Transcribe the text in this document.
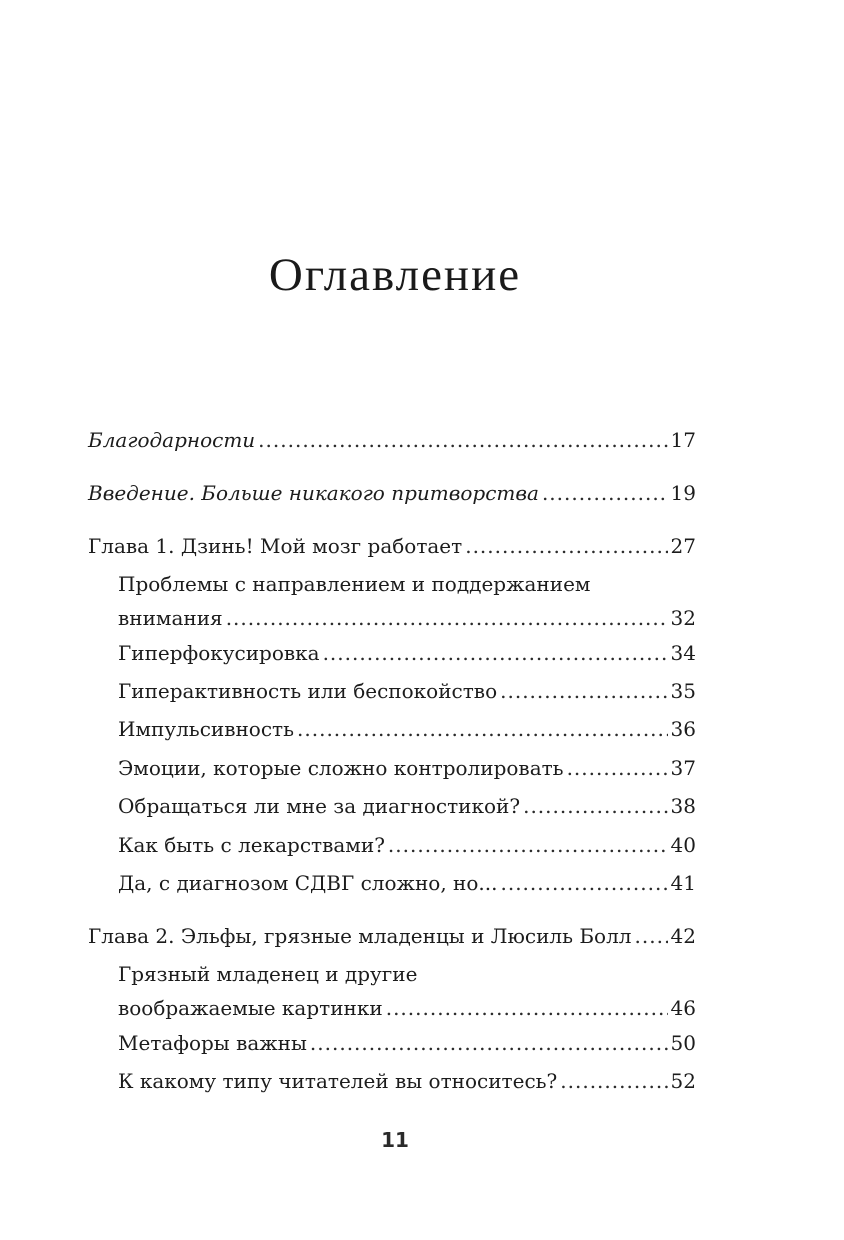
Оглавление
Благодарности .....	17
Введение. Больше никакого притворства .....	19
Глава 1. Дзинь! Мой мозг работает .....	27
Проблемы с направлением и поддержанием
внимания .....	32
Гиперфокусировка .....	34
Гиперактивность или беспокойство .....	35
Импульсивность .....	36
Эмоции, которые сложно контролировать .....	37
Обращаться ли мне за диагностикой? .....	38
Как быть с лекарствами? .....	40
Да, с диагнозом СДВГ сложно, но... .....	41
Глава 2. Эльфы, грязные младенцы и Люсиль Болл ..... 42
Грязный младенец и другие
воображаемые картинки .....	46
Метафоры важны .....	50
К какому типу читателей вы относитесь? .....	52
11
